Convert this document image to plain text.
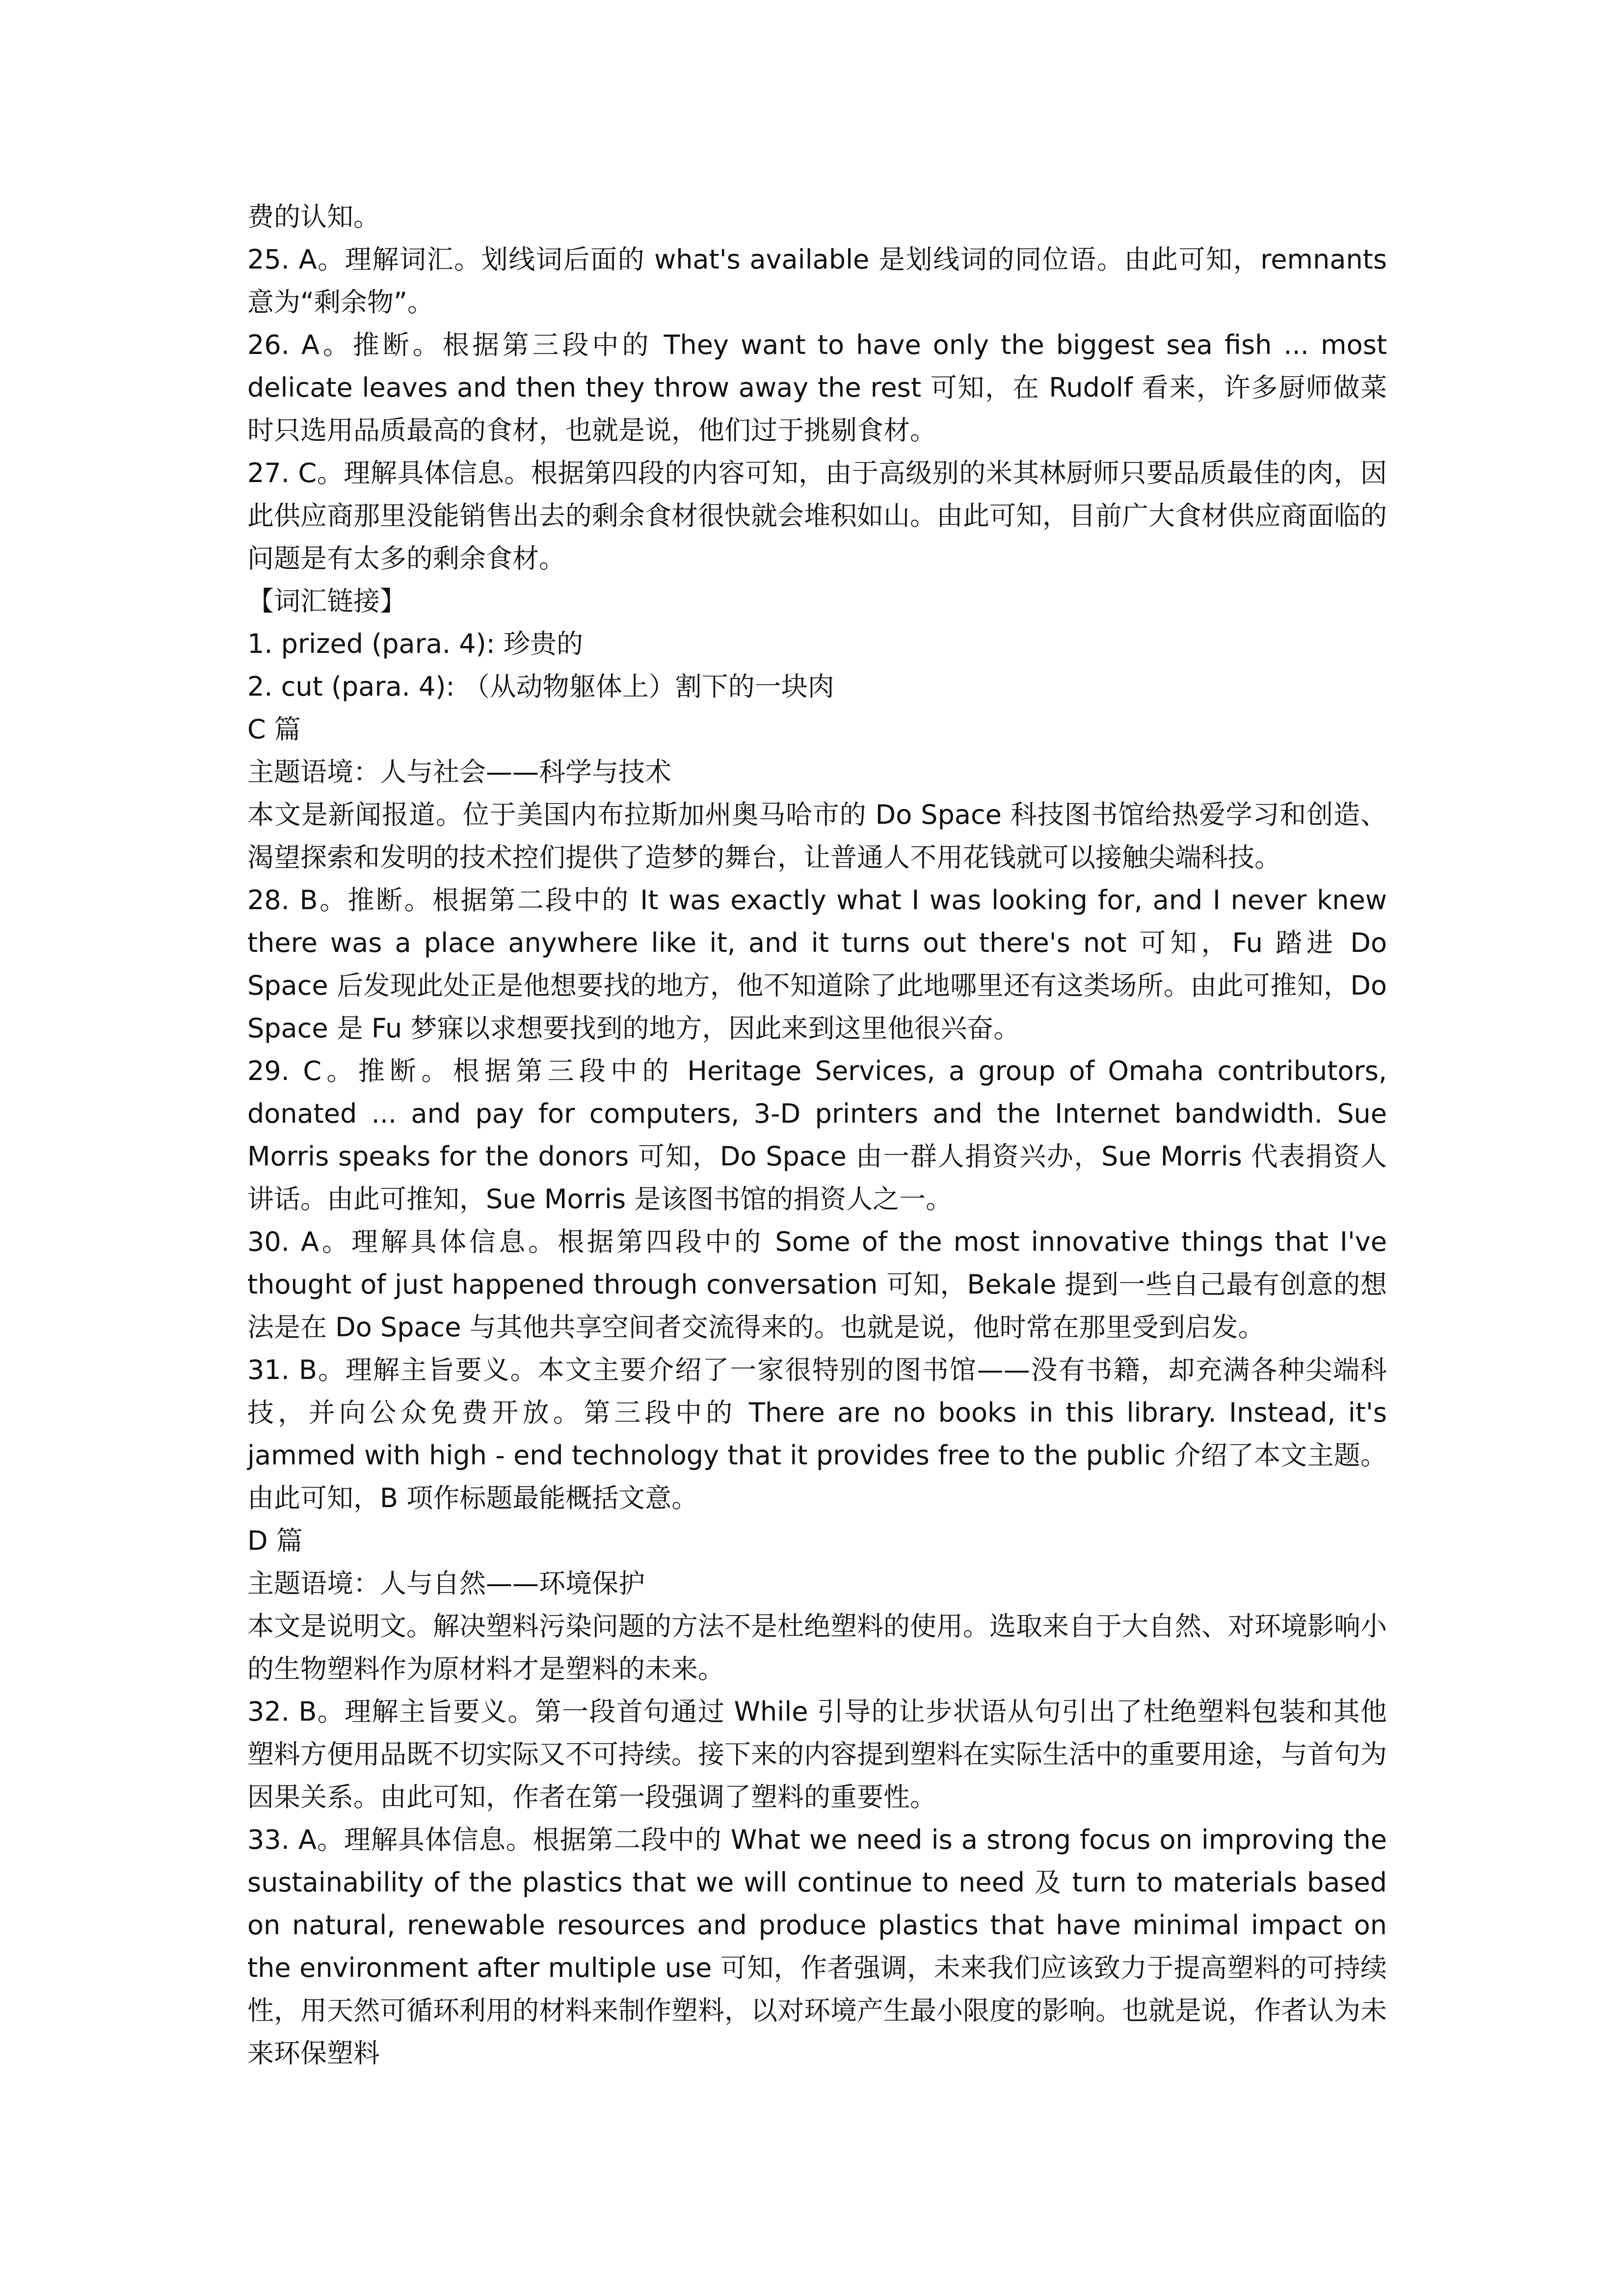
费的认知。

25. A。理解词汇。划线词后面的 what's available 是划线词的同位语。由此可知，remnants 意为“剩余物”。

26. A。推断。根据第三段中的 They want to have only the biggest sea fish ... most delicate leaves and then they throw away the rest 可知，在 Rudolf 看来，许多厨师做菜时只选用品质最高的食材，也就是说，他们过于挑剔食材。

27. C。理解具体信息。根据第四段的内容可知，由于高级别的米其林厨师只要品质最佳的肉，因此供应商那里没能销售出去的剩余食材很快就会堆积如山。由此可知，目前广大食材供应商面临的问题是有太多的剩余食材。

【词汇链接】

1. prized (para. 4): 珍贵的

2. cut (para. 4): （从动物躯体上）割下的一块肉

C 篇

主题语境：人与社会——科学与技术

本文是新闻报道。位于美国内布拉斯加州奥马哈市的 Do Space 科技图书馆给热爱学习和创造、渴望探索和发明的技术控们提供了造梦的舞台，让普通人不用花钱就可以接触尖端科技。

28. B。推断。根据第二段中的 It was exactly what I was looking for, and I never knew there was a place anywhere like it, and it turns out there's not 可知，Fu 踏进 Do Space 后发现此处正是他想要找的地方，他不知道除了此地哪里还有这类场所。由此可推知，Do Space 是 Fu 梦寐以求想要找到的地方，因此来到这里他很兴奋。

29. C。推断。根据第三段中的 Heritage Services, a group of Omaha contributors, donated ... and pay for computers, 3-D printers and the Internet bandwidth. Sue Morris speaks for the donors 可知，Do Space 由一群人捐资兴办，Sue Morris 代表捐资人讲话。由此可推知，Sue Morris 是该图书馆的捐资人之一。

30. A。理解具体信息。根据第四段中的 Some of the most innovative things that I've thought of just happened through conversation 可知，Bekale 提到一些自己最有创意的想法是在 Do Space 与其他共享空间者交流得来的。也就是说，他时常在那里受到启发。

31. B。理解主旨要义。本文主要介绍了一家很特别的图书馆——没有书籍，却充满各种尖端科技，并向公众免费开放。第三段中的 There are no books in this library. Instead, it's jammed with high - end technology that it provides free to the public 介绍了本文主题。由此可知，B 项作标题最能概括文意。

D 篇

主题语境：人与自然——环境保护

本文是说明文。解决塑料污染问题的方法不是杜绝塑料的使用。选取来自于大自然、对环境影响小的生物塑料作为原材料才是塑料的未来。

32. B。理解主旨要义。第一段首句通过 While 引导的让步状语从句引出了杜绝塑料包装和其他塑料方便用品既不切实际又不可持续。接下来的内容提到塑料在实际生活中的重要用途，与首句为因果关系。由此可知，作者在第一段强调了塑料的重要性。

33. A。理解具体信息。根据第二段中的 What we need is a strong focus on improving the sustainability of the plastics that we will continue to need 及 turn to materials based on natural, renewable resources and produce plastics that have minimal impact on the environment after multiple use 可知，作者强调，未来我们应该致力于提高塑料的可持续性，用天然可循环利用的材料来制作塑料，以对环境产生最小限度的影响。也就是说，作者认为未来环保塑料
